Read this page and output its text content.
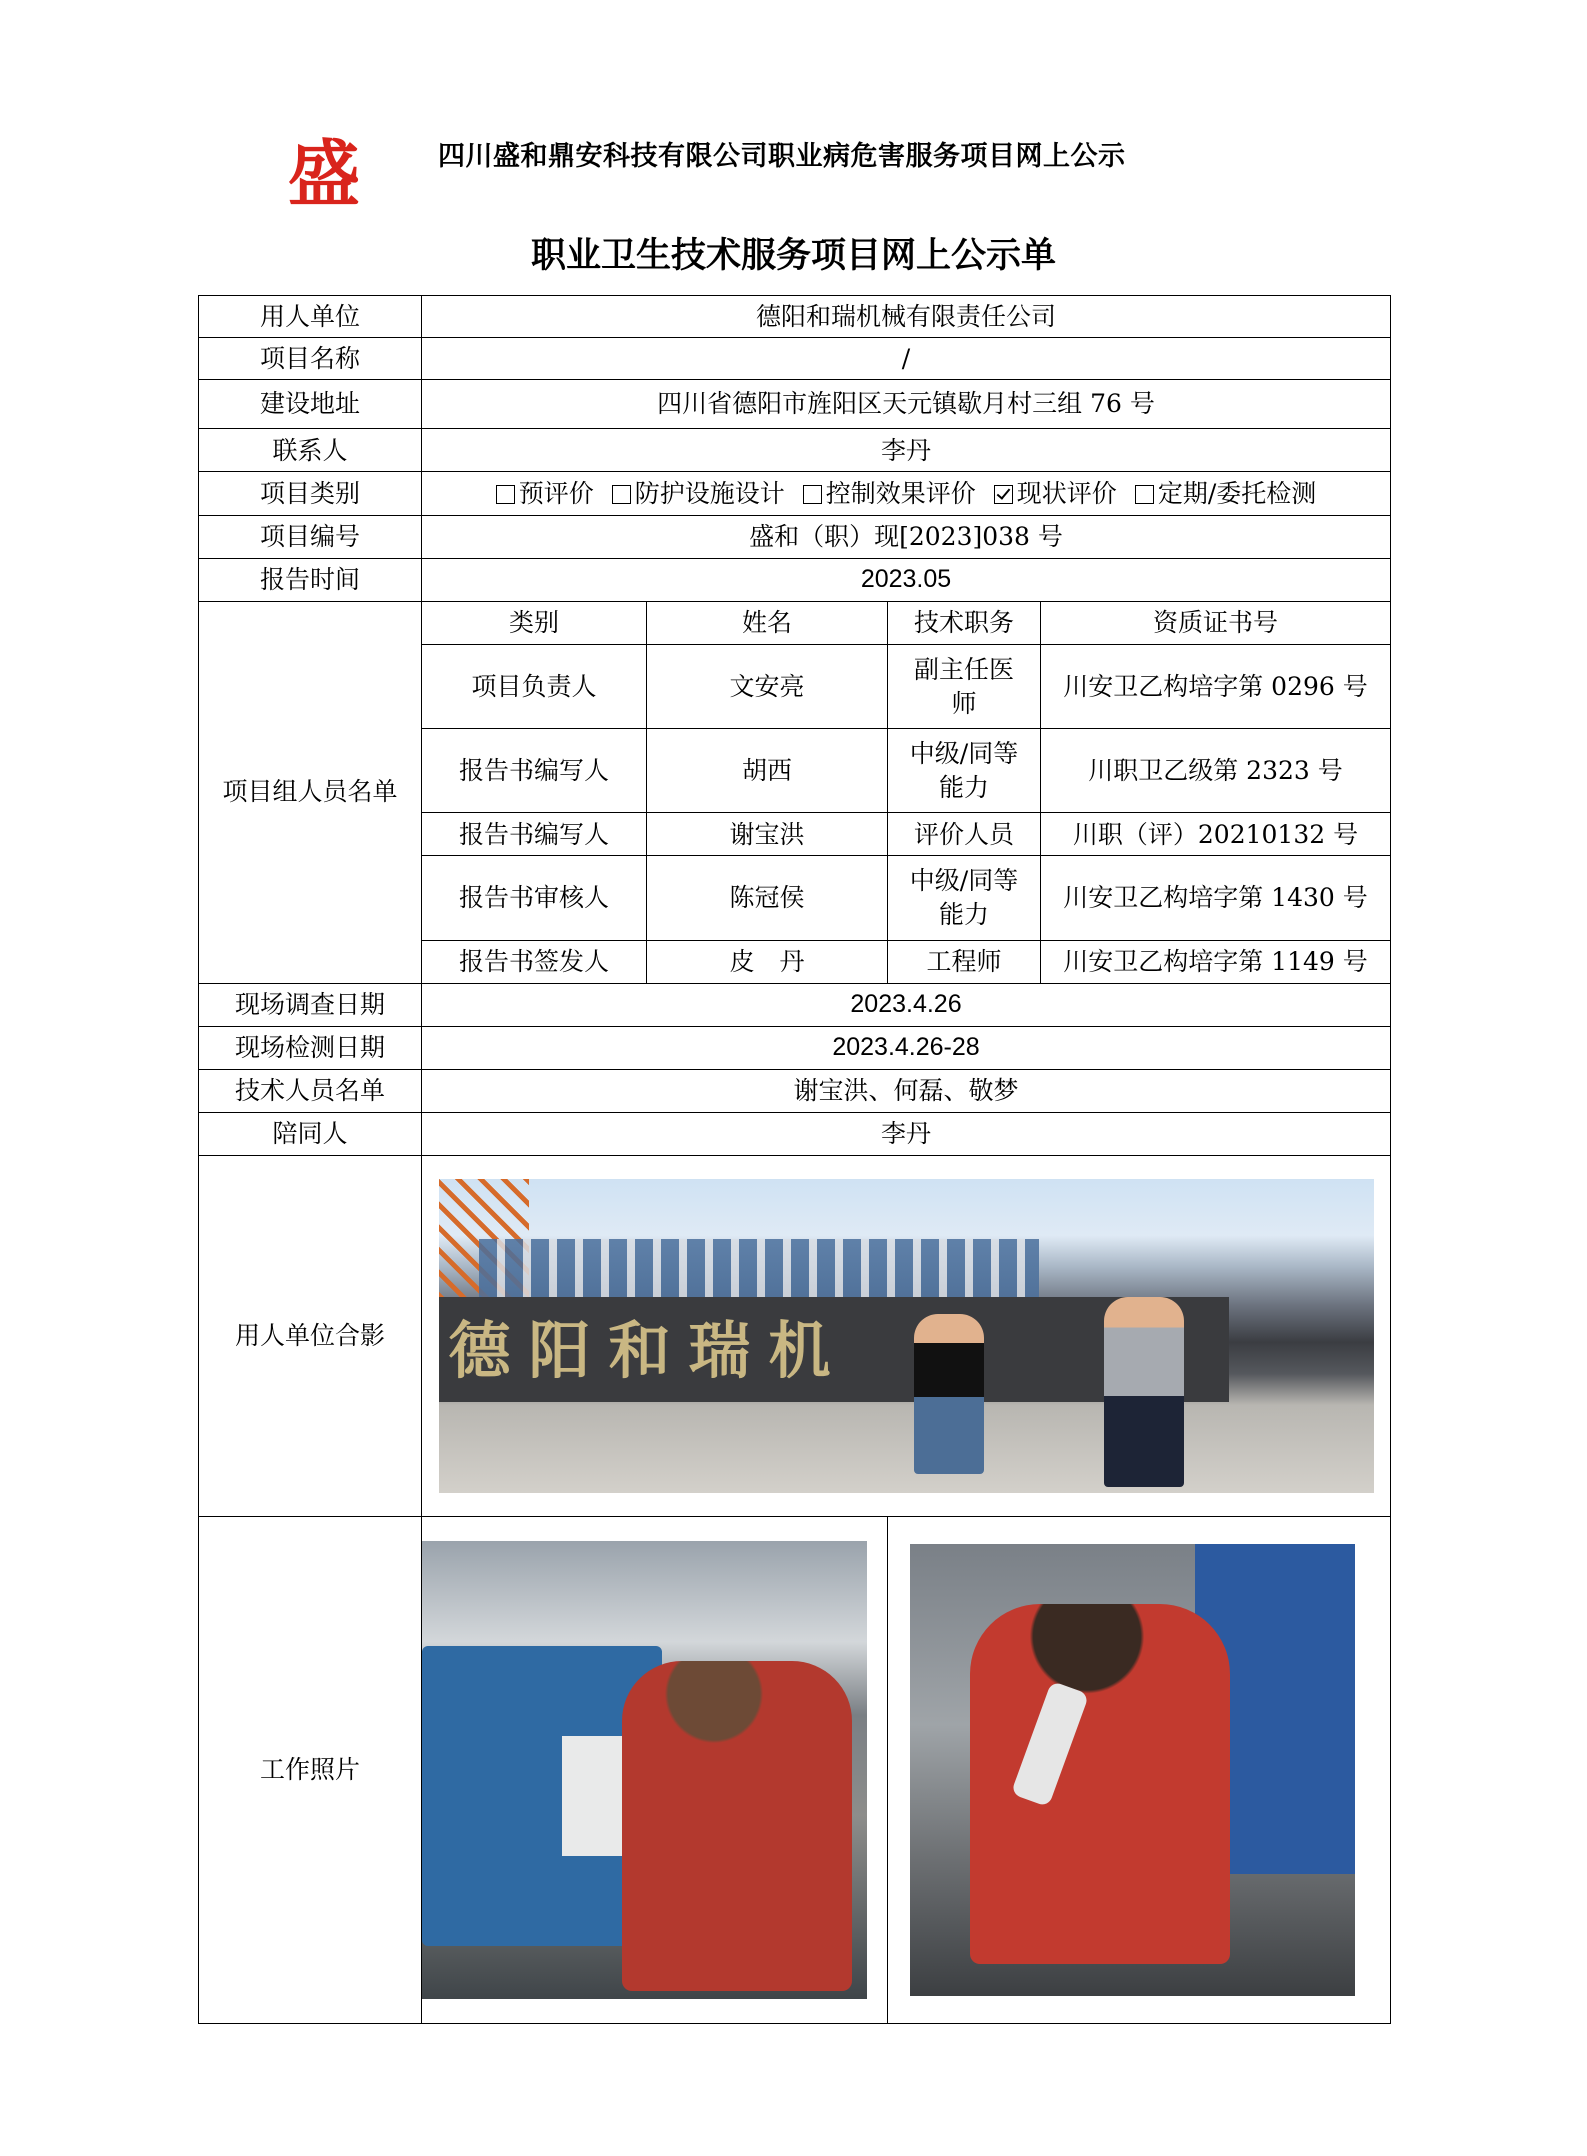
盛	四川盛和鼎安科技有限公司职业病危害服务项目网上公示
职业卫生技术服务项目网上公示单
用人单位	德阳和瑞机械有限责任公司			
项目名称	/			
建设地址	四川省德阳市旌阳区天元镇歇月村三组 76 号			
联系人	李丹			
项目类别	预评价 防护设施设计 控制效果评价 现状评价 定期/委托检测			
项目编号	盛和（职）现[2023]038 号			
报告时间	2023.05			
项目组人员名单	类别	姓名	技术职务	资质证书号
	项目负责人	文安亮	副主任医师	川安卫乙构培字第 0296 号
	报告书编写人	胡西	中级/同等能力	川职卫乙级第 2323 号
	报告书编写人	谢宝洪	评价人员	川职（评）20210132 号
	报告书审核人	陈冠侯	中级/同等能力	川安卫乙构培字第 1430 号
	报告书签发人	皮　丹	工程师	川安卫乙构培字第 1149 号
现场调查日期	2023.4.26			
现场检测日期	2023.4.26-28			
技术人员名单	谢宝洪、何磊、敬梦			
陪同人	李丹			
用人单位合影	德阳和瑞机			

工作照片			
